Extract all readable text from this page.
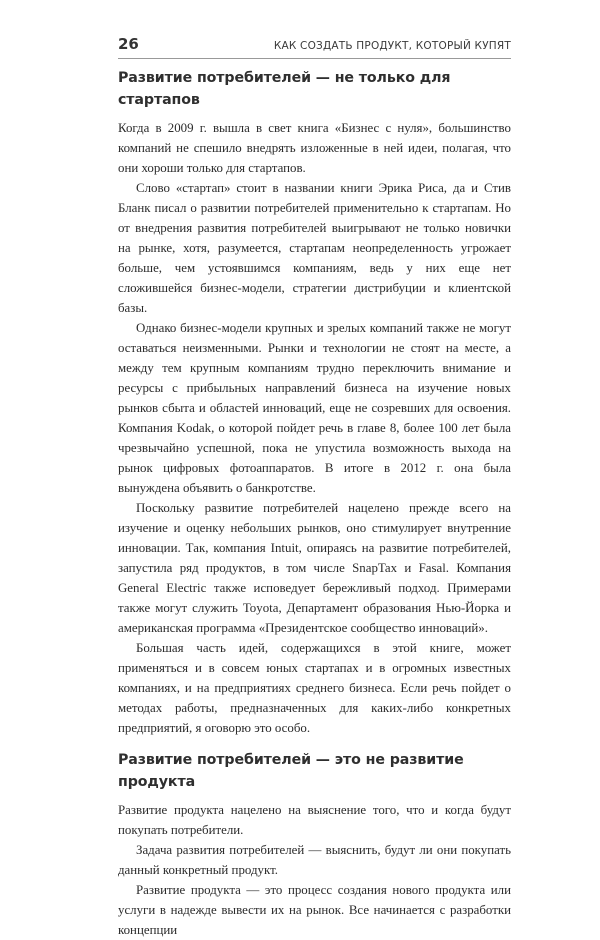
26	КАК СОЗДАТЬ ПРОДУКТ, КОТОРЫЙ КУПЯТ
Развитие потребителей — не только для стартапов

Когда в 2009 г. вышла в свет книга «Бизнес с нуля», большинство компаний не спешило внедрять изложенные в ней идеи, полагая, что они хороши только для стартапов.

Слово «стартап» стоит в названии книги Эрика Риса, да и Стив Бланк писал о развитии потребителей применительно к стартапам. Но от внедрения развития потребителей выигрывают не только новички на рынке, хотя, разумеется, стартапам неопределенность угрожает больше, чем устоявшимся компаниям, ведь у них еще нет сложившейся бизнес-модели, стратегии дистрибуции и клиентской базы.

Однако бизнес-модели крупных и зрелых компаний также не могут оставаться неизменными. Рынки и технологии не стоят на месте, а между тем крупным компаниям трудно переключить внимание и ресурсы с прибыльных направлений бизнеса на изучение новых рынков сбыта и областей инноваций, еще не созревших для освоения. Компания Kodak, о которой пойдет речь в главе 8, более 100 лет была чрезвычайно успешной, пока не упустила возможность выхода на рынок цифровых фотоаппаратов. В итоге в 2012 г. она была вынуждена объявить о банкротстве.

Поскольку развитие потребителей нацелено прежде всего на изучение и оценку небольших рынков, оно стимулирует внутренние инновации. Так, компания Intuit, опираясь на развитие потребителей, запустила ряд продуктов, в том числе SnapTax и Fasal. Компания General Electric также исповедует бережливый подход. Примерами также могут служить Toyota, Департамент образования Нью-Йорка и американская программа «Президентское сообщество инноваций».

Большая часть идей, содержащихся в этой книге, может применяться и в совсем юных стартапах и в огромных известных компаниях, и на предприятиях среднего бизнеса. Если речь пойдет о методах работы, предназначенных для каких-либо конкретных предприятий, я оговорю это особо.

Развитие потребителей — это не развитие продукта

Развитие продукта нацелено на выяснение того, что и когда будут покупать потребители.

Задача развития потребителей — выяснить, будут ли они покупать данный конкретный продукт.

Развитие продукта — это процесс создания нового продукта или услуги в надежде вывести их на рынок. Все начинается с разработки концепции
